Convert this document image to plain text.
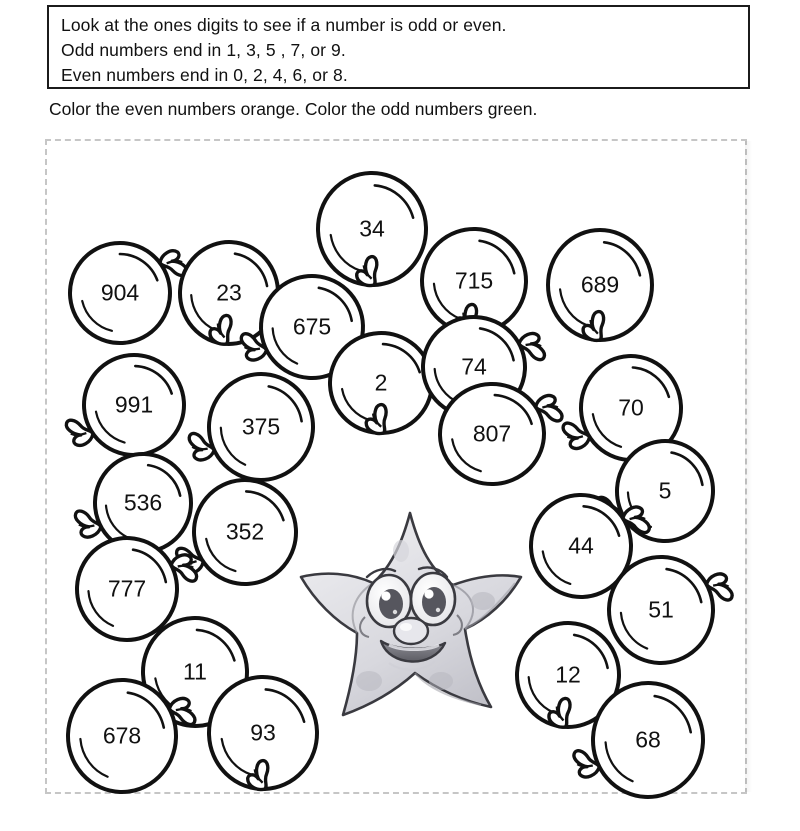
Look at the ones digits to see if a number is odd or even.
Odd numbers end in 1, 3, 5 , 7, or 9.
Even numbers end in 0, 2, 4, 6, or 8.
Color the even numbers orange. Color the odd numbers green.
904	23
34
715	689
675
2
74
807
991
375
70
536
352
5
44
777
51
11	12
678	93	68
